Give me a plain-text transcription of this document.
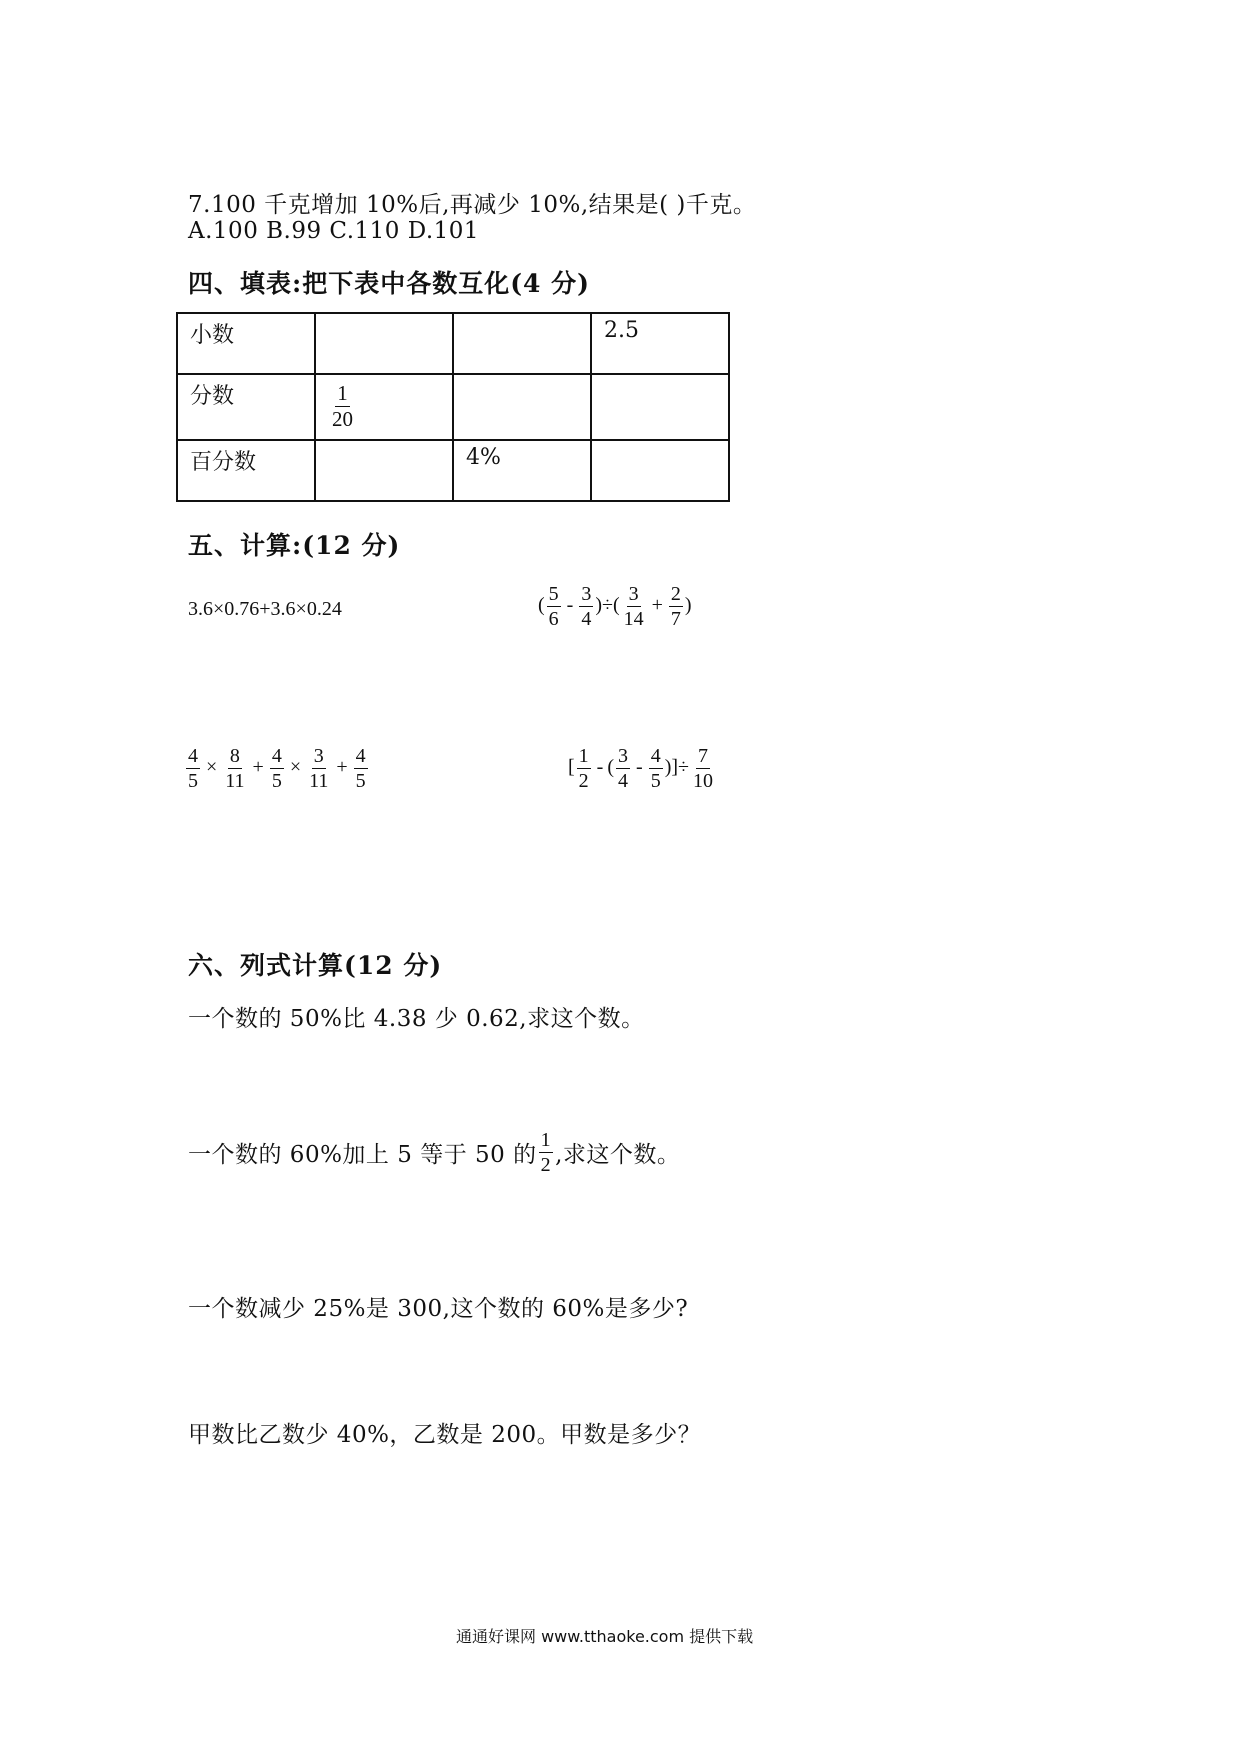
7.100 千克增加 10%后,再减少 10%,结果是( )千克。
A.100 B.99 C.110 D.101
四、填表:把下表中各数互化(4 分)
小数			2.5
分数	$\frac{1}{20}$

百分数		4%	
五、计算:(12 分)
3.6×0.76+3.6×0.24	( $\frac{5}{6} - \frac{3}{4}$ )÷( $\frac{3}{14} + \frac{2}{7}$ )
$\frac{4}{5} \times \frac{8}{11} + \frac{4}{5} \times \frac{3}{11} + \frac{4}{5}$	[ $\frac{1}{2}$ - ( $\frac{3}{4} - \frac{4}{5}$ )]÷ $\frac{7}{10}$
六、列式计算(12 分)
一个数的 50%比 4.38 少 0.62,求这个数。
一个数的 60%加上 5 等于 50 的 $\frac{1}{2}$ ,求这个数。
一个数减少 25%是 300,这个数的 60%是多少?
甲数比乙数少 40%，乙数是 200。甲数是多少？
通通好课网 www.tthaoke.com 提供下载
